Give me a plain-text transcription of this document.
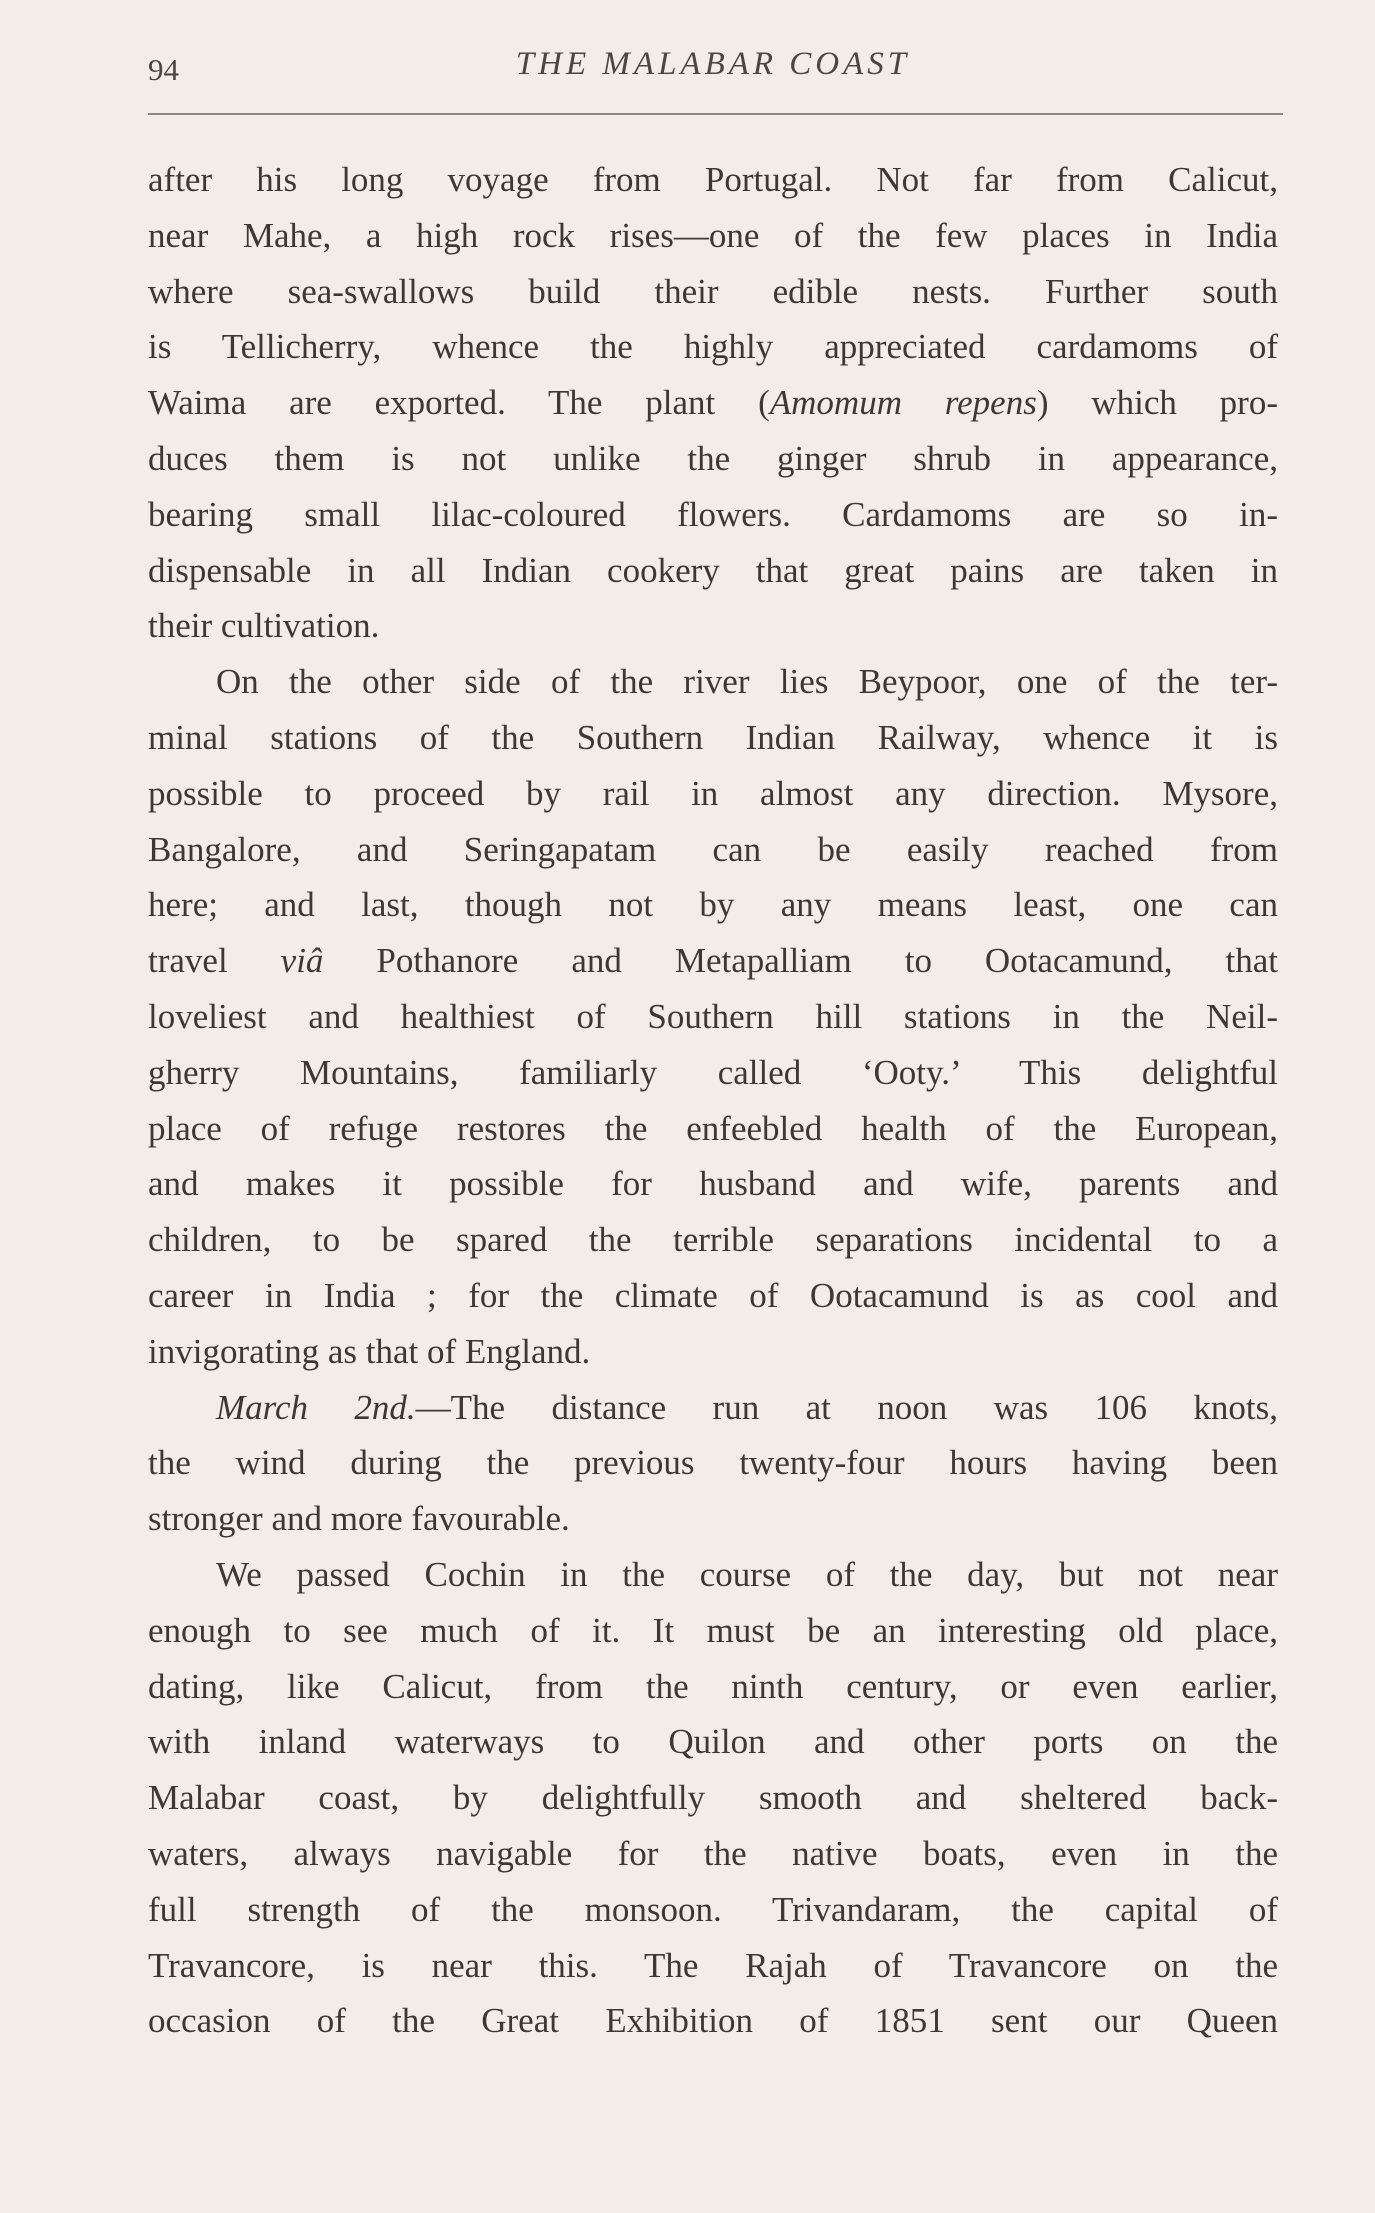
94	THE MALABAR COAST
after his long voyage from Portugal. Not far from Calicut,
near Mahe, a high rock rises—one of the few places in India
where sea-swallows build their edible nests. Further south
is Tellicherry, whence the highly appreciated cardamoms of
Waima are exported. The plant (Amomum repens) which pro-
duces them is not unlike the ginger shrub in appearance,
bearing small lilac-coloured flowers. Cardamoms are so in-
dispensable in all Indian cookery that great pains are taken in
their cultivation.
On the other side of the river lies Beypoor, one of the ter-
minal stations of the Southern Indian Railway, whence it is
possible to proceed by rail in almost any direction. Mysore,
Bangalore, and Seringapatam can be easily reached from
here; and last, though not by any means least, one can
travel viâ Pothanore and Metapalliam to Ootacamund, that
loveliest and healthiest of Southern hill stations in the Neil-
gherry Mountains, familiarly called ‘Ooty.’ This delightful
place of refuge restores the enfeebled health of the European,
and makes it possible for husband and wife, parents and
children, to be spared the terrible separations incidental to a
career in India ; for the climate of Ootacamund is as cool and
invigorating as that of England.
March 2nd.—The distance run at noon was 106 knots,
the wind during the previous twenty-four hours having been
stronger and more favourable.
We passed Cochin in the course of the day, but not near
enough to see much of it. It must be an interesting old place,
dating, like Calicut, from the ninth century, or even earlier,
with inland waterways to Quilon and other ports on the
Malabar coast, by delightfully smooth and sheltered back-
waters, always navigable for the native boats, even in the
full strength of the monsoon. Trivandaram, the capital of
Travancore, is near this. The Rajah of Travancore on the
occasion of the Great Exhibition of 1851 sent our Queen
